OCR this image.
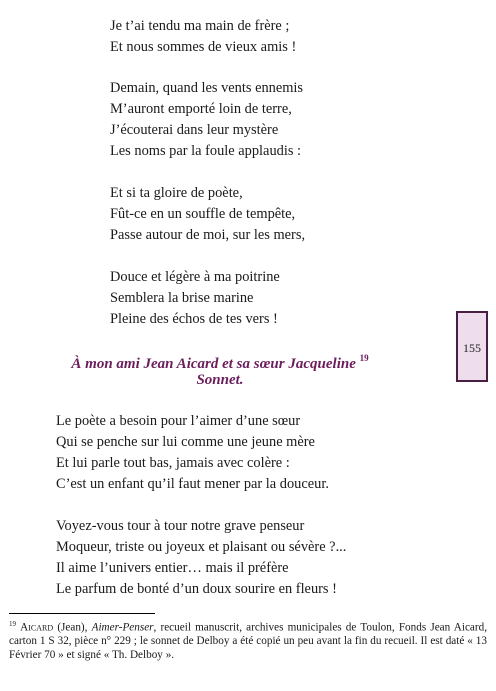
Je t’ai tendu ma main de frère ;
Et nous sommes de vieux amis !
Demain, quand les vents ennemis
M’auront emporté loin de terre,
J’écouterai dans leur mystère
Les noms par la foule applaudis :
Et si ta gloire de poète,
Fût-ce en un souffle de tempête,
Passe autour de moi, sur les mers,
Douce et légère à ma poitrine
Semblera la brise marine
Pleine des échos de tes vers !
À mon ami Jean Aicard et sa sœur Jacqueline $^{19}$
Sonnet.
155
Le poète a besoin pour l’aimer d’une sœur
Qui se penche sur lui comme une jeune mère
Et lui parle tout bas, jamais avec colère :
C’est un enfant qu’il faut mener par la douceur.
Voyez-vous tour à tour notre grave penseur
Moqueur, triste ou joyeux et plaisant ou sévère ?...
Il aime l’univers entier… mais il préfère
Le parfum de bonté d’un doux sourire en fleurs !
$^{19}$ Aicard (Jean), Aimer-Penser, recueil manuscrit, archives municipales de Toulon, Fonds Jean Aicard, carton 1 S 32, pièce n° 229 ; le sonnet de Delboy a été copié un peu avant la fin du recueil. Il est daté « 13 Février 70 » et signé « Th. Delboy ».
